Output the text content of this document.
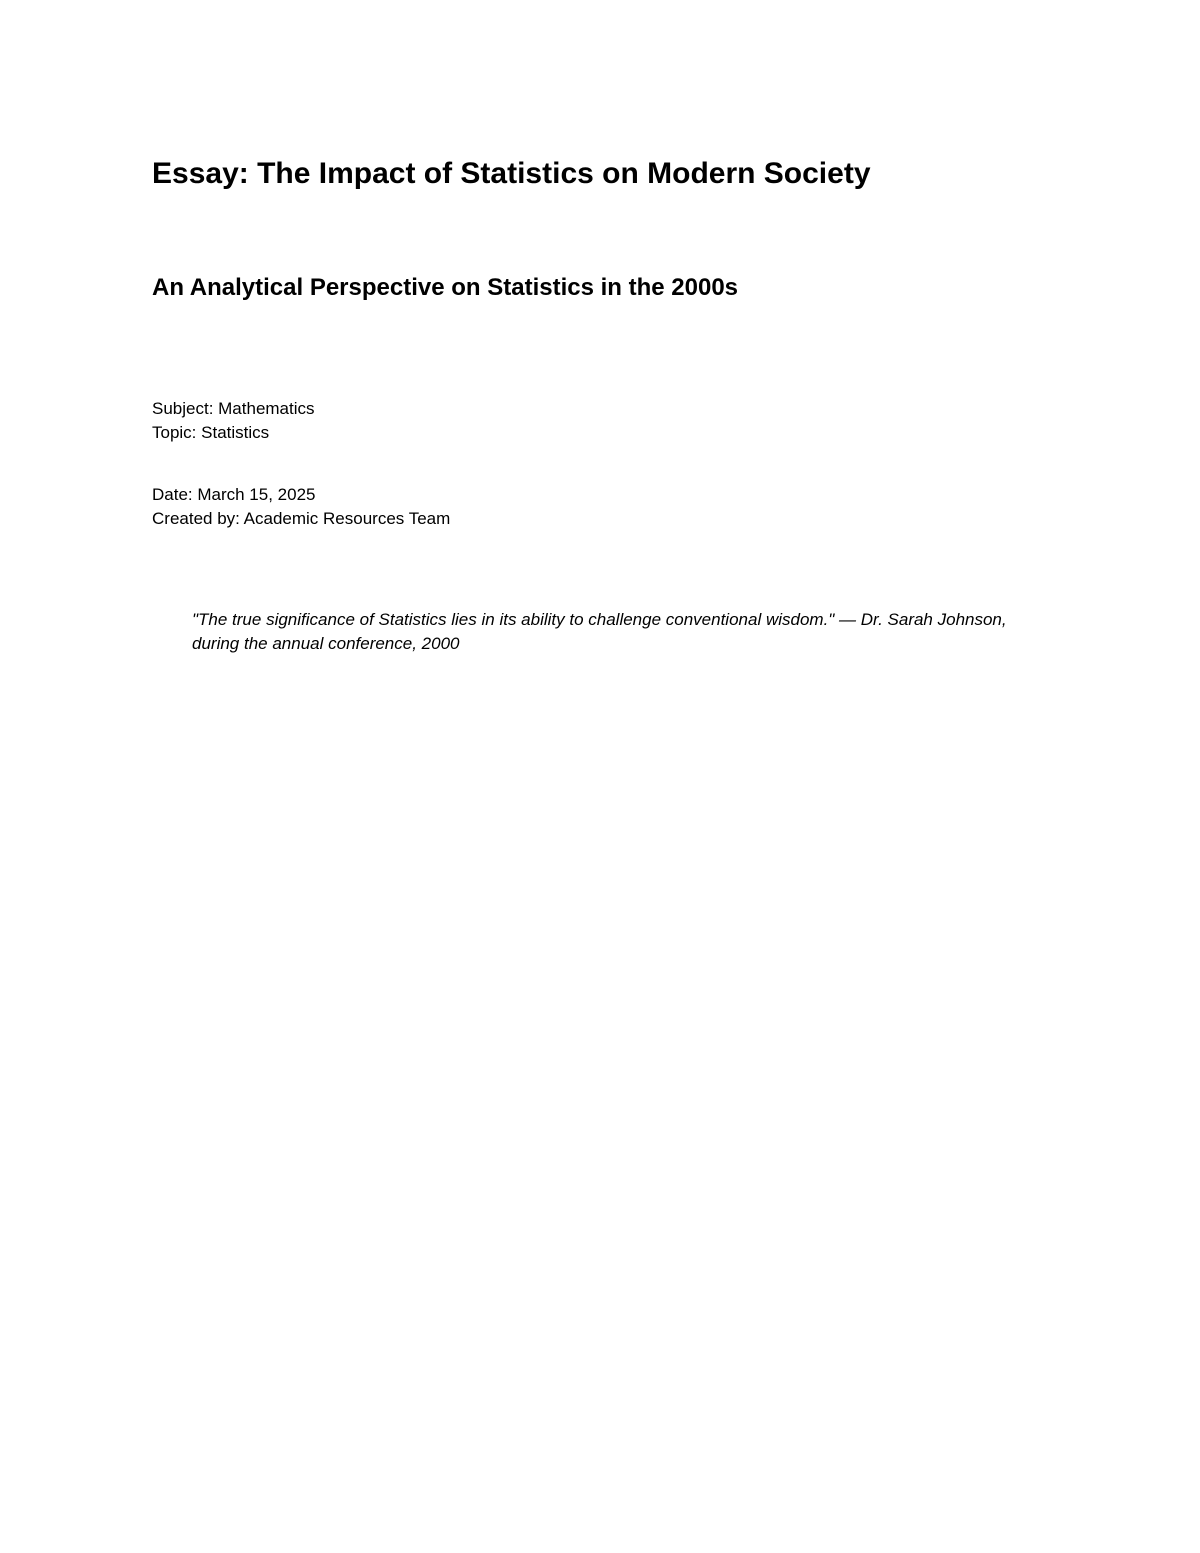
Essay: The Impact of Statistics on Modern Society
An Analytical Perspective on Statistics in the 2000s
Subject: Mathematics
Topic: Statistics
Date: March 15, 2025
Created by: Academic Resources Team

"The true significance of Statistics lies in its ability to challenge conventional wisdom." — Dr. Sarah Johnson, during the annual conference, 2000
